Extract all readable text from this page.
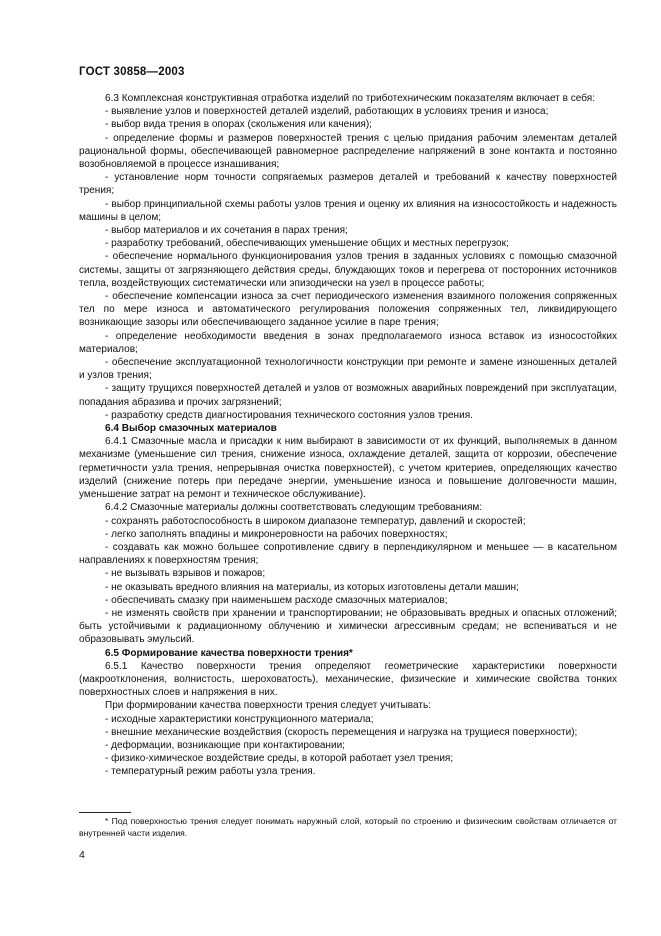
ГОСТ 30858—2003

6.3 Комплексная конструктивная отработка изделий по триботехническим показателям включает в себя:

- выявление узлов и поверхностей деталей изделий, работающих в условиях трения и износа;

- выбор вида трения в опорах (скольжения или качения);

- определение формы и размеров поверхностей трения с целью придания рабочим элементам деталей рациональной формы, обеспечивающей равномерное распределение напряжений в зоне контакта и постоянно возобновляемой в процессе изнашивания;

- установление норм точности сопрягаемых размеров деталей и требований к качеству поверхностей трения;

- выбор принципиальной схемы работы узлов трения и оценку их влияния на износостойкость и надежность машины в целом;

- выбор материалов и их сочетания в парах трения;

- разработку требований, обеспечивающих уменьшение общих и местных перегрузок;

- обеспечение нормального функционирования узлов трения в заданных условиях с помощью смазочной системы, защиты от загрязняющего действия среды, блуждающих токов и перегрева от посторонних источников тепла, воздействующих систематически или эпизодически на узел в процессе работы;

- обеспечение компенсации износа за счет периодического изменения взаимного положения сопряженных тел по мере износа и автоматического регулирования положения сопряженных тел, ликвидирующего возникающие зазоры или обеспечивающего заданное усилие в паре трения;

- определение необходимости введения в зонах предполагаемого износа вставок из износостойких материалов;

- обеспечение эксплуатационной технологичности конструкции при ремонте и замене изношенных деталей и узлов трения;

- защиту трущихся поверхностей деталей и узлов от возможных аварийных повреждений при эксплуатации, попадания абразива и прочих загрязнений;

- разработку средств диагностирования технического состояния узлов трения.

6.4 Выбор смазочных материалов

6.4.1 Смазочные масла и присадки к ним выбирают в зависимости от их функций, выполняемых в данном механизме (уменьшение сил трения, снижение износа, охлаждение деталей, защита от коррозии, обеспечение герметичности узла трения, непрерывная очистка поверхностей), с учетом критериев, определяющих качество изделий (снижение потерь при передаче энергии, уменьшение износа и повышение долговечности машин, уменьшение затрат на ремонт и техническое обслуживание).

6.4.2 Смазочные материалы должны соответствовать следующим требованиям:

- сохранять работоспособность в широком диапазоне температур, давлений и скоростей;

- легко заполнять впадины и микронеровности на рабочих поверхностях;

- создавать как можно большее сопротивление сдвигу в перпендикулярном и меньшее — в касательном направлениях к поверхностям трения;

- не вызывать взрывов и пожаров;

- не оказывать вредного влияния на материалы, из которых изготовлены детали машин;

- обеспечивать смазку при наименьшем расходе смазочных материалов;

- не изменять свойств при хранении и транспортировании; не образовывать вредных и опасных отложений; быть устойчивыми к радиационному облучению и химически агрессивным средам; не вспениваться и не образовывать эмульсий.

6.5 Формирование качества поверхности трения*

6.5.1 Качество поверхности трения определяют геометрические характеристики поверхности (макроотклонения, волнистость, шероховатость), механические, физические и химические свойства тонких поверхностных слоев и напряжения в них.

При формировании качества поверхности трения следует учитывать:

- исходные характеристики конструкционного материала;

- внешние механические воздействия (скорость перемещения и нагрузка на трущиеся поверхности);

- деформации, возникающие при контактировании;

- физико-химическое воздействие среды, в которой работает узел трения;

- температурный режим работы узла трения.

* Под поверхностью трения следует понимать наружный слой, который по строению и физическим свойствам отличается от внутренней части изделия.
4
